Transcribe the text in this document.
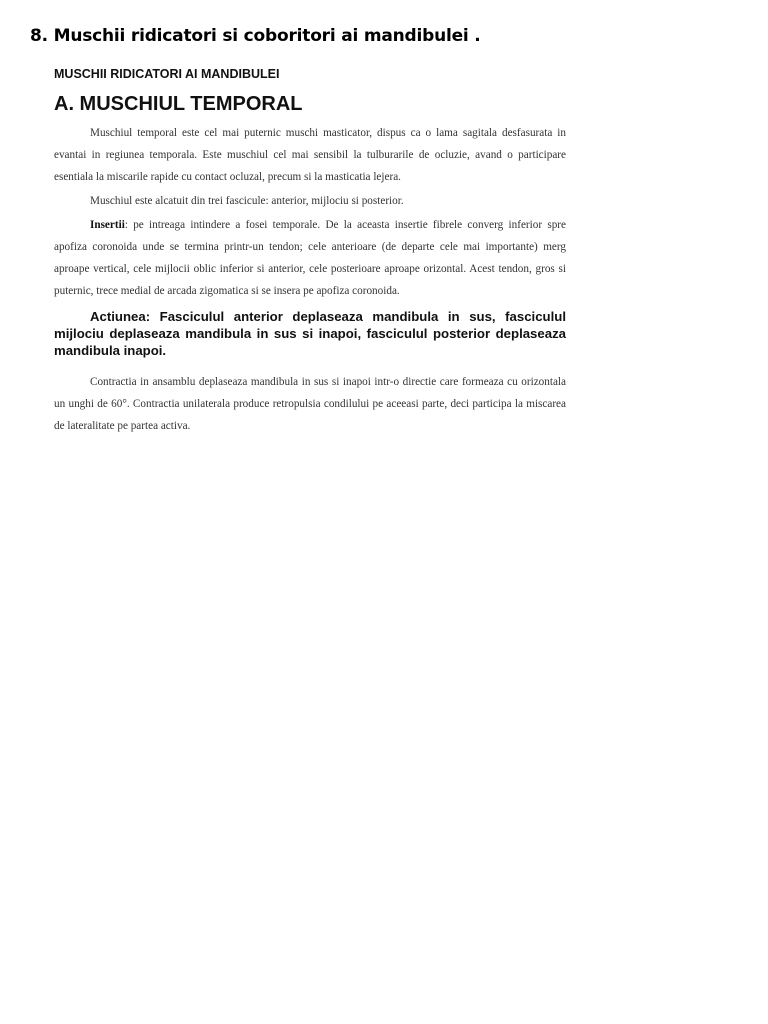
8. Muschii ridicatori si coboritori ai mandibulei .
MUSCHII RIDICATORI AI MANDIBULEI
A. MUSCHIUL TEMPORAL

Muschiul temporal este cel mai puternic muschi masticator, dispus ca o lama sagitala desfasurata in evantai in regiunea temporala. Este muschiul cel mai sensibil la tulburarile de ocluzie, avand o participare esentiala la miscarile rapide cu contact ocluzal, precum si la masticatia lejera.

Muschiul este alcatuit din trei fascicule: anterior, mijlociu si posterior.

Insertii: pe intreaga intindere a fosei temporale. De la aceasta insertie fibrele converg inferior spre apofiza coronoida unde se termina printr-un tendon; cele anterioare (de departe cele mai importante) merg aproape vertical, cele mijlocii oblic inferior si anterior, cele posterioare aproape orizontal. Acest tendon, gros si puternic, trece medial de arcada zigomatica si se insera pe apofiza coronoida.

Actiunea: Fasciculul anterior deplaseaza mandibula in sus, fasciculul mijlociu deplaseaza mandibula in sus si inapoi, fasciculul posterior deplaseaza mandibula inapoi.

Contractia in ansamblu deplaseaza mandibula in sus si inapoi intr-o directie care formeaza cu orizontala un unghi de 60°. Contractia unilaterala produce retropulsia condilului pe aceeasi parte, deci participa la miscarea de lateralitate pe partea activa.
